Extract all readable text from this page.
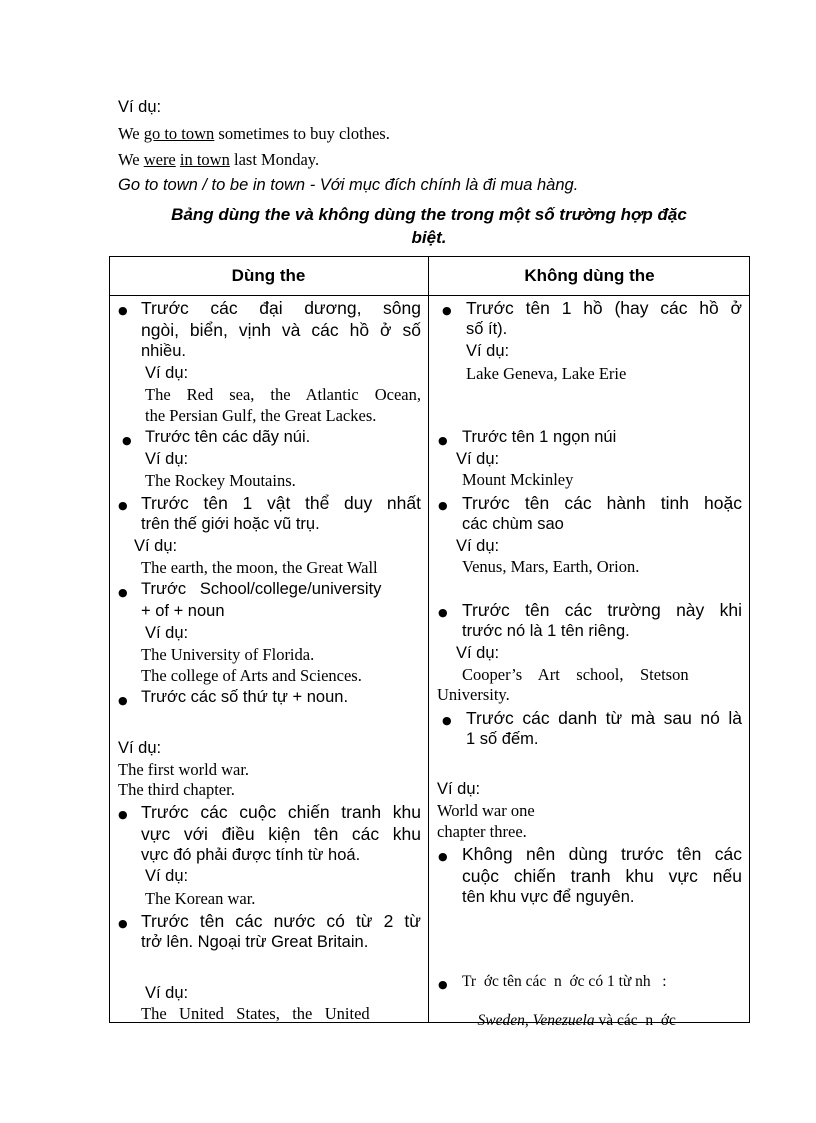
Ví dụ:
We go to town sometimes to buy clothes.
We were in town last Monday.
Go to town / to be in town - Với mục đích chính là đi mua hàng.
Bảng dùng the và không dùng the trong một số trường hợp đặc
biệt.
Dùng the	Không dùng the
● Trước các đại dương, sông
ngòi, biển, vịnh và các hồ ở số
nhiều.
Ví dụ:
The Red sea, the Atlantic Ocean,
the Persian Gulf, the Great Lackes.
● Trước tên các dãy núi.
Ví dụ:
The Rockey Moutains.
● Trước tên 1 vật thể duy nhất
trên thế giới hoặc vũ trụ.
Ví dụ:
The earth, the moon, the Great Wall
● Trước   School/college/university
+ of + noun
Ví dụ:
The University of Florida.
The college of Arts and Sciences.
● Trước các số thứ tự + noun.
Ví dụ:
The first world war.
The third chapter.
● Trước các cuộc chiến tranh khu
vực với điều kiện tên các khu
vực đó phải được tính từ hoá.
Ví dụ:
The Korean war.
● Trước tên các nước có từ 2 từ
trở lên. Ngoại trừ Great Britain.
Ví dụ:
The   United   States,   the   United
● Trước tên 1 hồ (hay các hồ ở
số ít).
Ví dụ:
Lake Geneva, Lake Erie
● Trước tên 1 ngọn núi
Ví dụ:
Mount Mckinley
● Trước tên các hành tinh hoặc
các chùm sao
Ví dụ:
Venus, Mars, Earth, Orion.
● Trước tên các trường này khi
trước nó là 1 tên riêng.
Ví dụ:
Cooper’s    Art    school,    Stetson
University.
● Trước các danh từ mà sau nó là
1 số đếm.
Ví dụ:
World war one
chapter three.
● Không nên dùng trước tên các
cuộc chiến tranh khu vực nếu
tên khu vực để nguyên.
● Tr  ớc tên các  n  ớc có 1 từ nh   :

Sweden, Venezuela và các  n  ớc
